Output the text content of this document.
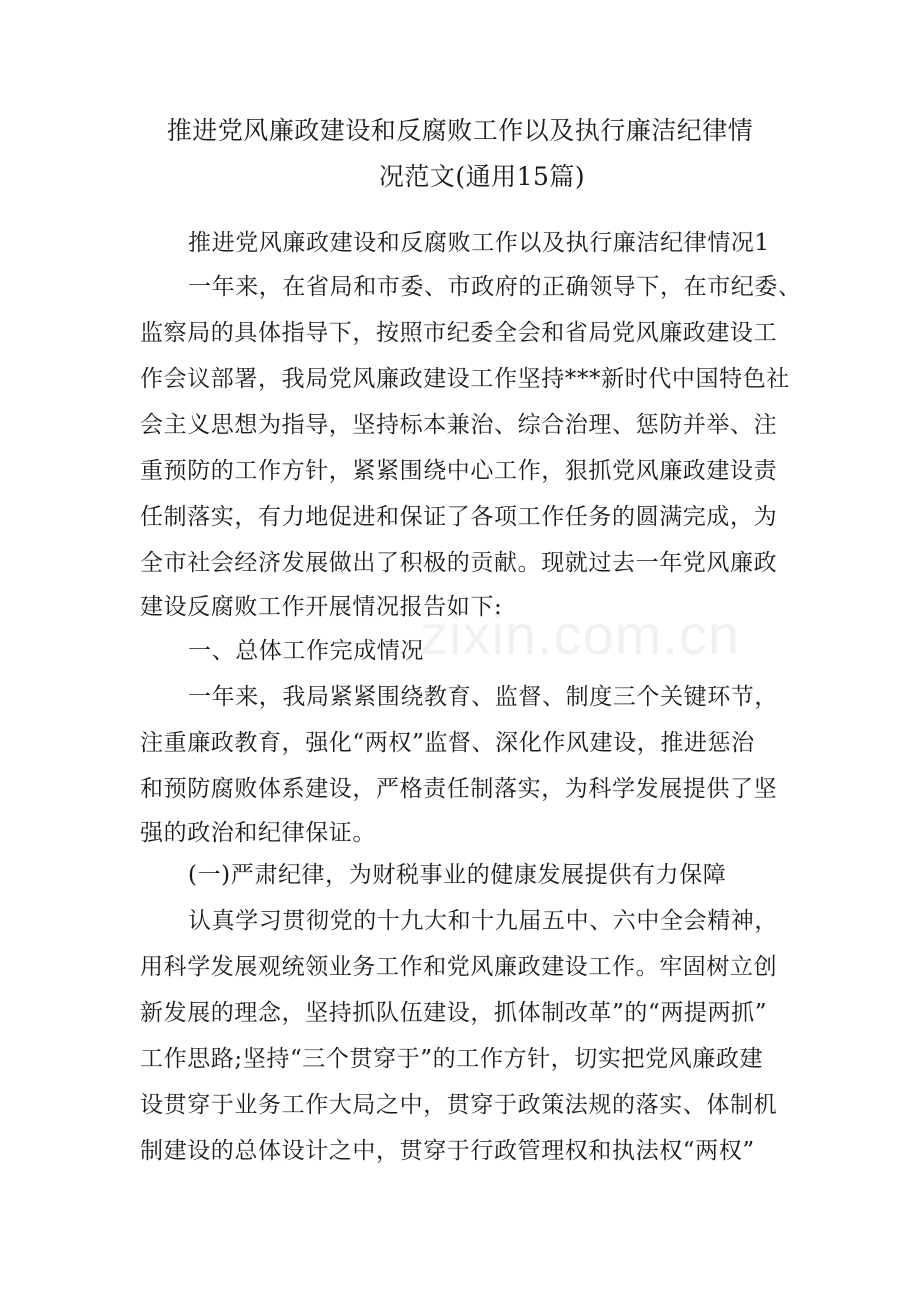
推进党风廉政建设和反腐败工作以及执行廉洁纪律情
况范文(通用15篇)
推进党风廉政建设和反腐败工作以及执行廉洁纪律情况1
一年来，在省局和市委、市政府的正确领导下，在市纪委、
监察局的具体指导下，按照市纪委全会和省局党风廉政建设工
作会议部署，我局党风廉政建设工作坚持***新时代中国特色社
会主义思想为指导，坚持标本兼治、综合治理、惩防并举、注
重预防的工作方针，紧紧围绕中心工作，狠抓党风廉政建设责
任制落实，有力地促进和保证了各项工作任务的圆满完成，为
全市社会经济发展做出了积极的贡献。现就过去一年党风廉政
建设反腐败工作开展情况报告如下:
一、总体工作完成情况
一年来，我局紧紧围绕教育、监督、制度三个关键环节，
注重廉政教育，强化“两权”监督、深化作风建设，推进惩治
和预防腐败体系建设，严格责任制落实，为科学发展提供了坚
强的政治和纪律保证。
(一)严肃纪律，为财税事业的健康发展提供有力保障
认真学习贯彻党的十九大和十九届五中、六中全会精神，
用科学发展观统领业务工作和党风廉政建设工作。牢固树立创
新发展的理念，坚持抓队伍建设，抓体制改革”的“两提两抓”
工作思路;坚持“三个贯穿于”的工作方针，切实把党风廉政建
设贯穿于业务工作大局之中，贯穿于政策法规的落实、体制机
制建设的总体设计之中，贯穿于行政管理权和执法权“两权”
zixin.com.cn
